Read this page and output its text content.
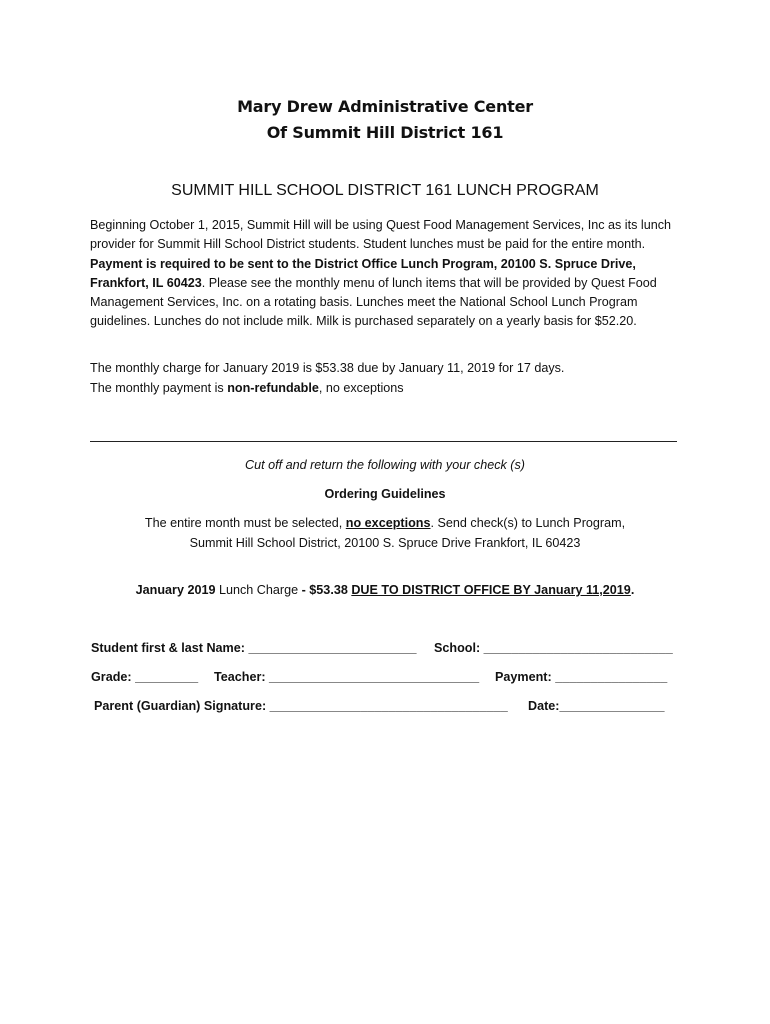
Mary Drew Administrative Center
Of Summit Hill District 161
SUMMIT HILL SCHOOL DISTRICT 161 LUNCH PROGRAM
Beginning October 1, 2015, Summit Hill will be using Quest Food Management Services, Inc as its lunch provider for Summit Hill School District students. Student lunches must be paid for the entire month. Payment is required to be sent to the District Office Lunch Program, 20100 S. Spruce Drive, Frankfort, IL 60423. Please see the monthly menu of lunch items that will be provided by Quest Food Management Services, Inc. on a rotating basis. Lunches meet the National School Lunch Program guidelines. Lunches do not include milk. Milk is purchased separately on a yearly basis for $52.20.
The monthly charge for January 2019 is $53.38 due by January 11, 2019 for 17 days.
The monthly payment is non-refundable, no exceptions
Cut off and return the following with your check (s)
Ordering Guidelines
The entire month must be selected, no exceptions. Send check(s) to Lunch Program,
Summit Hill School District, 20100 S. Spruce Drive Frankfort, IL 60423
January 2019 Lunch Charge - $53.38 DUE TO DISTRICT OFFICE BY January 11,2019.
Student first & last Name: ________________________ School: ___________________________
Grade: _________ Teacher: ______________________________ Payment: ________________
Parent (Guardian) Signature: __________________________________ Date:_______________
